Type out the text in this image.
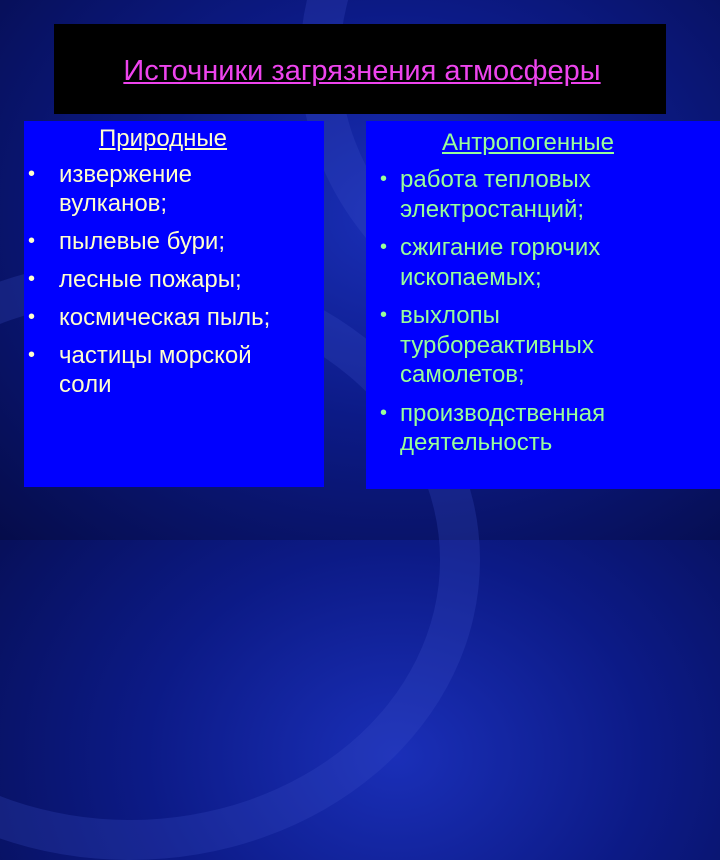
Источники загрязнения атмосферы
Природные
• извержение
вулканов;
• пылевые бури;
• лесные пожары;
• космическая пыль;
• частицы морской
соли
Антропогенные
• работа тепловых
электростанций;
• сжигание горючих
ископаемых;
• выхлопы
турбореактивных
самолетов;
• производственная
деятельность
